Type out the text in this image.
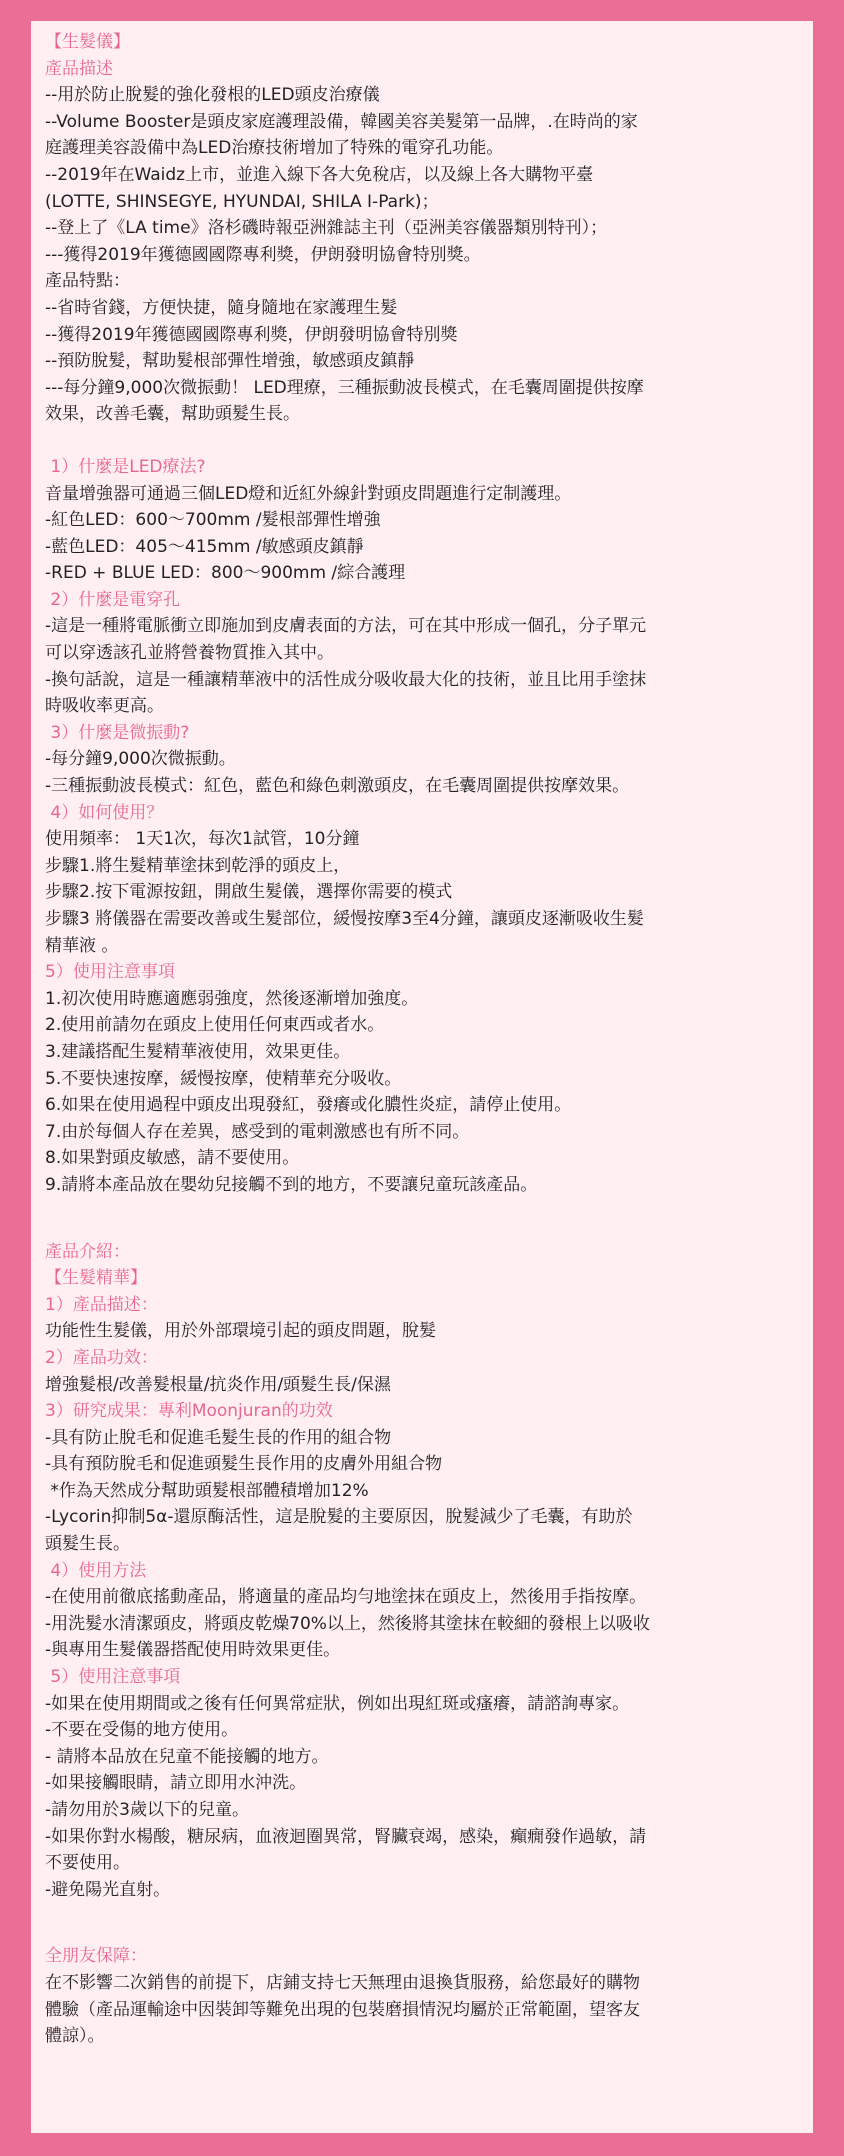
【生髮儀】

產品描述

--用於防止脫髮的強化發根的LED頭皮治療儀

--Volume Booster是頭皮家庭護理設備，韓國美容美髮第一品牌，.在時尚的家
庭護理美容設備中為LED治療技術增加了特殊的電穿孔功能。

--2019年在Waidz上市，並進入線下各大免稅店，以及線上各大購物平臺
(LOTTE, SHINSEGYE, HYUNDAI, SHILA I-Park)；

--登上了《LA time》洛杉磯時報亞洲雜誌主刊（亞洲美容儀器類別特刊）；

---獲得2019年獲德國國際專利獎，伊朗發明協會特別獎。

產品特點：

--省時省錢，方便快捷，隨身隨地在家護理生髮

--獲得2019年獲德國國際專利獎，伊朗發明協會特別獎

--預防脫髮，幫助髮根部彈性增強，敏感頭皮鎮靜

---每分鐘9,000次微振動！ LED理療，三種振動波長模式，在毛囊周圍提供按摩
效果，改善毛囊，幫助頭髮生長。

1）什麼是LED療法?

音量增強器可通過三個LED燈和近紅外線針對頭皮問題進行定制護理。

-紅色LED：600～700mm /髮根部彈性增強

-藍色LED：405～415mm /敏感頭皮鎮靜

-RED + BLUE LED：800～900mm /綜合護理

2）什麼是電穿孔

-這是一種將電脈衝立即施加到皮膚表面的方法，可在其中形成一個孔，分子單元
可以穿透該孔並將營養物質推入其中。

-換句話說，這是一種讓精華液中的活性成分吸收最大化的技術，並且比用手塗抹
時吸收率更高。

3）什麼是微振動?

-每分鐘9,000次微振動。

-三種振動波長模式：紅色，藍色和綠色刺激頭皮，在毛囊周圍提供按摩效果。

4）如何使用？

使用頻率： 1天1次，每次1試管，10分鐘

步驟1.將生髮精華塗抹到乾淨的頭皮上，

步驟2.按下電源按鈕，開啟生髮儀，選擇你需要的模式

步驟3 將儀器在需要改善或生髮部位，緩慢按摩3至4分鐘，讓頭皮逐漸吸收生髮
精華液 。

5）使用注意事項

1.初次使用時應適應弱強度，然後逐漸增加強度。

2.使用前請勿在頭皮上使用任何東西或者水。

3.建議搭配生髮精華液使用，效果更佳。

5.不要快速按摩，緩慢按摩，使精華充分吸收。

6.如果在使用過程中頭皮出現發紅，發癢或化膿性炎症，請停止使用。

7.由於每個人存在差異，感受到的電刺激感也有所不同。

8.如果對頭皮敏感，請不要使用。

9.請將本產品放在嬰幼兒接觸不到的地方，不要讓兒童玩該產品。

產品介紹：

【生髮精華】

1）產品描述：

功能性生髮儀，用於外部環境引起的頭皮問題，脫髮

2）產品功效：

增強髮根/改善髮根量/抗炎作用/頭髮生長/保濕

3）研究成果：專利Moonjuran的功效

-具有防止脫毛和促進毛髮生長的作用的組合物

-具有預防脫毛和促進頭髮生長作用的皮膚外用組合物

*作為天然成分幫助頭髮根部體積增加12%

-Lycorin抑制5α-還原酶活性，這是脫髮的主要原因，脫髮減少了毛囊，有助於
頭髮生長。

4）使用方法

-在使用前徹底搖動產品，將適量的產品均勻地塗抹在頭皮上，然後用手指按摩。

-用洗髮水清潔頭皮，將頭皮乾燥70%以上，然後將其塗抹在較細的發根上以吸收

-與專用生髮儀器搭配使用時效果更佳。

5）使用注意事項

-如果在使用期間或之後有任何異常症狀，例如出現紅斑或瘙癢，請諮詢專家。

-不要在受傷的地方使用。

- 請將本品放在兒童不能接觸的地方。

-如果接觸眼睛，請立即用水沖洗。

-請勿用於3歲以下的兒童。

-如果你對水楊酸，糖尿病，血液迴圈異常，腎臟衰竭，感染，癲癇發作過敏，請
不要使用。

-避免陽光直射。

全朋友保障：

在不影響二次銷售的前提下，店鋪支持七天無理由退換貨服務，給您最好的購物
體驗（產品運輸途中因裝卸等難免出現的包裝磨損情況均屬於正常範圍，望客友
體諒）。
